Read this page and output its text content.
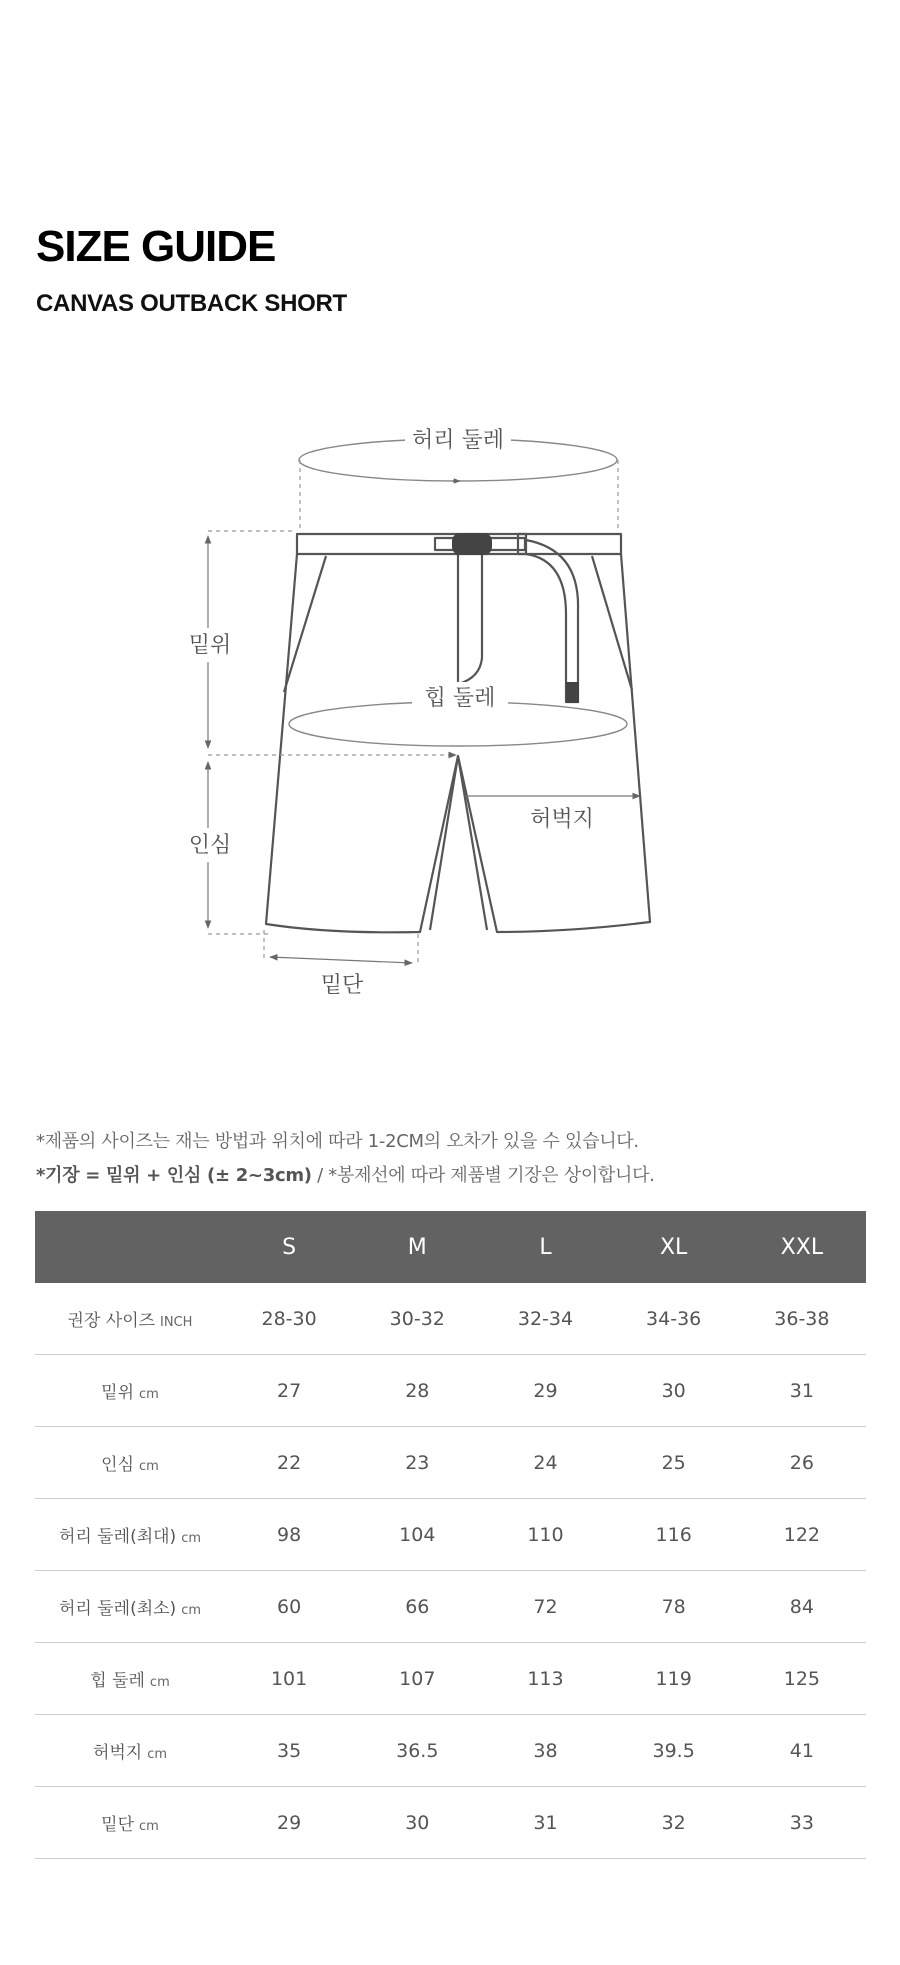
SIZE GUIDE
CANVAS OUTBACK SHORT
허리 둘레
힙 둘레
밑위
인심
허벅지
밑단
*제품의 사이즈는 재는 방법과 위치에 따라 1-2CM의 오차가 있을 수 있습니다.
*기장 = 밑위 + 인심 (± 2~3cm) / *봉제선에 따라 제품별 기장은 상이합니다.
	S	M	L	XL	XXL
권장 사이즈 INCH	28-30	30-32	32-34	34-36	36-38
밑위 cm	27	28	29	30	31
인심 cm	22	23	24	25	26
허리 둘레(최대) cm	98	104	110	116	122
허리 둘레(최소) cm	60	66	72	78	84
힙 둘레 cm	101	107	113	119	125
허벅지 cm	35	36.5	38	39.5	41
밑단 cm	29	30	31	32	33
